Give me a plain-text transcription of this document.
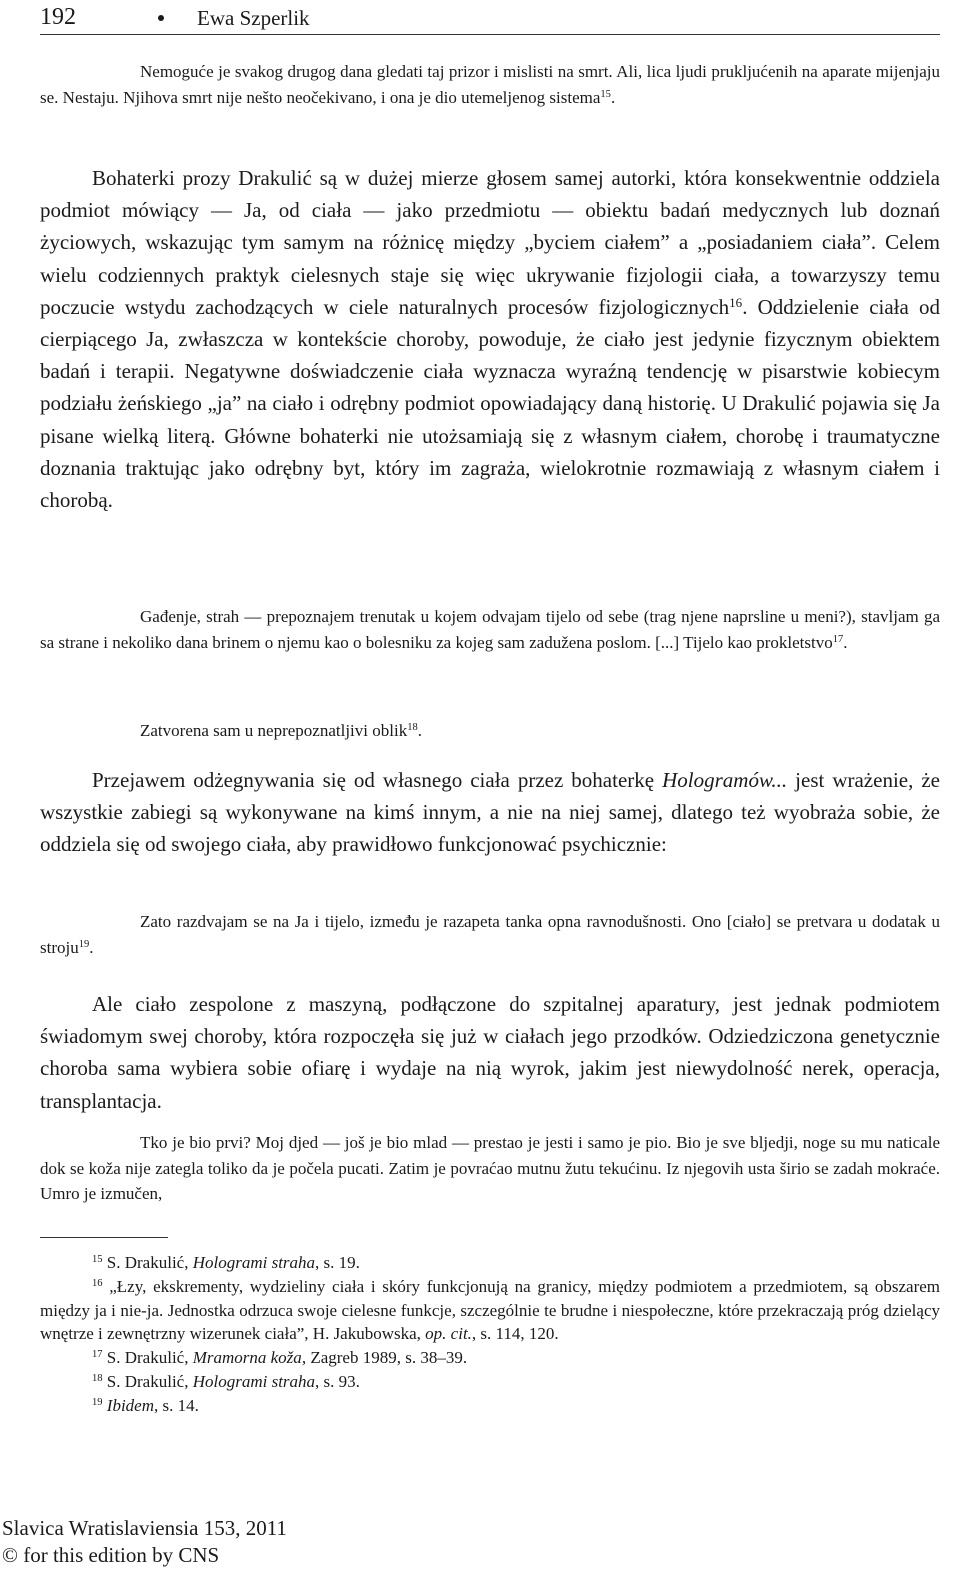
192	Ewa Szperlik
Nemoguće je svakog drugog dana gledati taj prizor i mislisti na smrt. Ali, lica ljudi prukljućenih na aparate mijenjaju se. Nestaju. Njihova smrt nije nešto neočekivano, i ona je dio utemeljenog sistema$^{15}$.
Bohaterki prozy Drakulić są w dużej mierze głosem samej autorki, która konsekwentnie oddziela podmiot mówiący — Ja, od ciała — jako przedmiotu — obiektu badań medycznych lub doznań życiowych, wskazując tym samym na różnicę między „byciem ciałem” a „posiadaniem ciała”. Celem wielu codziennych praktyk cielesnych staje się więc ukrywanie fizjologii ciała, a towarzyszy temu poczucie wstydu zachodzących w ciele naturalnych procesów fizjologicznych$^{16}$. Oddzielenie ciała od cierpiącego Ja, zwłaszcza w kontekście choroby, powoduje, że ciało jest jedynie fizycznym obiektem badań i terapii. Negatywne doświadczenie ciała wyznacza wyraźną tendencję w pisarstwie kobiecym podziału żeńskiego „ja” na ciało i odrębny podmiot opowiadający daną historię. U Drakulić pojawia się Ja pisane wielką literą. Główne bohaterki nie utożsamiają się z własnym ciałem, chorobę i traumatyczne doznania traktując jako odrębny byt, który im zagraża, wielokrotnie rozmawiają z własnym ciałem i chorobą.
Gađenje, strah — prepoznajem trenutak u kojem odvajam tijelo od sebe (trag njene naprsline u meni?), stavljam ga sa strane i nekoliko dana brinem o njemu kao o bolesniku za kojeg sam zadužena poslom. [...] Tijelo kao prokletstvo$^{17}$.
Zatvorena sam u neprepoznatljivi oblik$^{18}$.
Przejawem odżegnywania się od własnego ciała przez bohaterkę Hologramów... jest wrażenie, że wszystkie zabiegi są wykonywane na kimś innym, a nie na niej samej, dlatego też wyobraża sobie, że oddziela się od swojego ciała, aby prawidłowo funkcjonować psychicznie:
Zato razdvajam se na Ja i tijelo, između je razapeta tanka opna ravnodušnosti. Ono [ciało] se pretvara u dodatak u stroju$^{19}$.
Ale ciało zespolone z maszyną, podłączone do szpitalnej aparatury, jest jednak podmiotem świadomym swej choroby, która rozpoczęła się już w ciałach jego przodków. Odziedziczona genetycznie choroba sama wybiera sobie ofiarę i wydaje na nią wyrok, jakim jest niewydolność nerek, operacja, transplantacja.
Tko je bio prvi? Moj djed — još je bio mlad — prestao je jesti i samo je pio. Bio je sve bljedji, noge su mu naticale dok se koža nije zategla toliko da je počela pucati. Zatim je povraćao mutnu žutu tekućinu. Iz njegovih usta širio se zadah mokraće. Umro je izmučen,
$^{15}$ S. Drakulić, Hologrami straha, s. 19.
$^{16}$ „Łzy, ekskrementy, wydzieliny ciała i skóry funkcjonują na granicy, między podmiotem a przedmiotem, są obszarem między ja i nie-ja. Jednostka odrzuca swoje cielesne funkcje, szczególnie te brudne i niespołeczne, które przekraczają próg dzielący wnętrze i zewnętrzny wizerunek ciała”, H. Jakubowska, op. cit., s. 114, 120.
$^{17}$ S. Drakulić, Mramorna koža, Zagreb 1989, s. 38–39.
$^{18}$ S. Drakulić, Hologrami straha, s. 93.
$^{19}$ Ibidem, s. 14.
Slavica Wratislaviensia 153, 2011
© for this edition by CNS
